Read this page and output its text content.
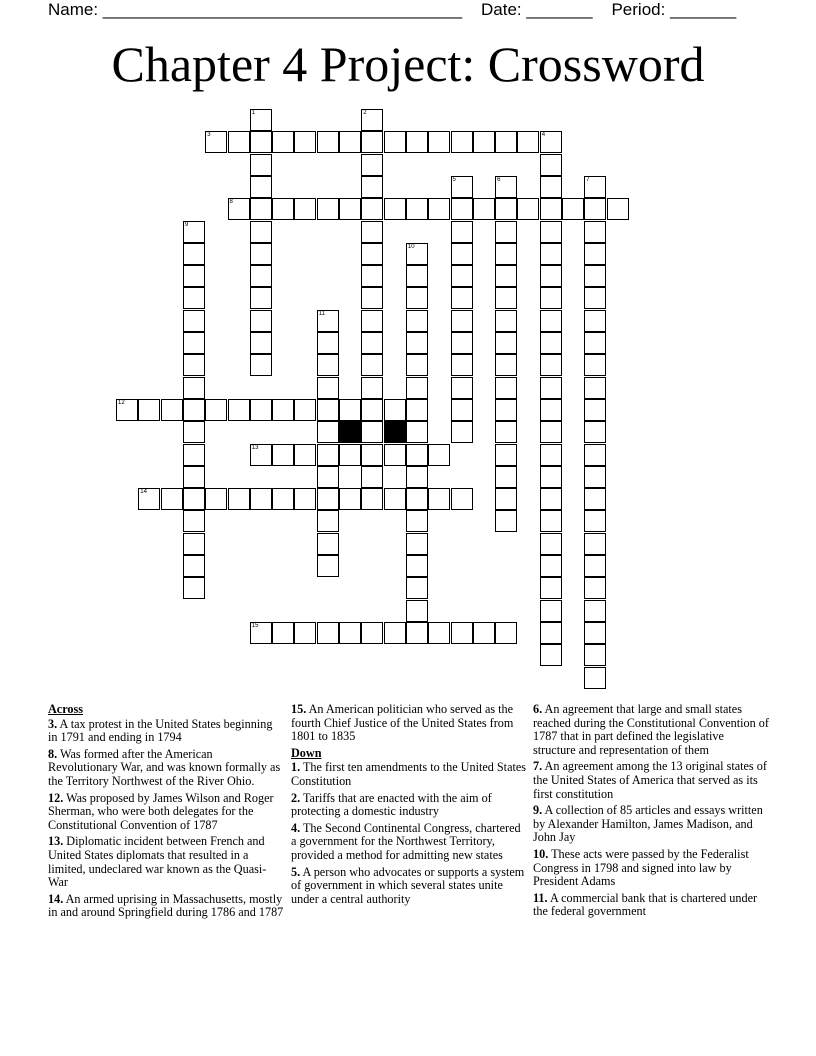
Name: ______________________________________ Date: _______ Period: _______
Chapter 4 Project: Crossword
1	2
3	4
5	6	7
8
9
10
11
12
13
14
15
Across
3. A tax protest in the United States beginning in 1791 and ending in 1794
8. Was formed after the American Revolutionary War, and was known formally as the Territory Northwest of the River Ohio.
12. Was proposed by James Wilson and Roger Sherman, who were both delegates for the Constitutional Convention of 1787
13. Diplomatic incident between French and United States diplomats that resulted in a limited, undeclared war known as the Quasi-War
14. An armed uprising in Massachusetts, mostly in and around Springfield during 1786 and 1787
15. An American politician who served as the fourth Chief Justice of the United States from 1801 to 1835
Down
1. The first ten amendments to the United States Constitution
2. Tariffs that are enacted with the aim of protecting a domestic industry
4. The Second Continental Congress, chartered a government for the Northwest Territory, provided a method for admitting new states
5. A person who advocates or supports a system of government in which several states unite under a central authority
6. An agreement that large and small states reached during the Constitutional Convention of 1787 that in part defined the legislative structure and representation of them
7. An agreement among the 13 original states of the United States of America that served as its first constitution
9. A collection of 85 articles and essays written by Alexander Hamilton, James Madison, and John Jay
10. These acts were passed by the Federalist Congress in 1798 and signed into law by President Adams
11. A commercial bank that is chartered under the federal government
